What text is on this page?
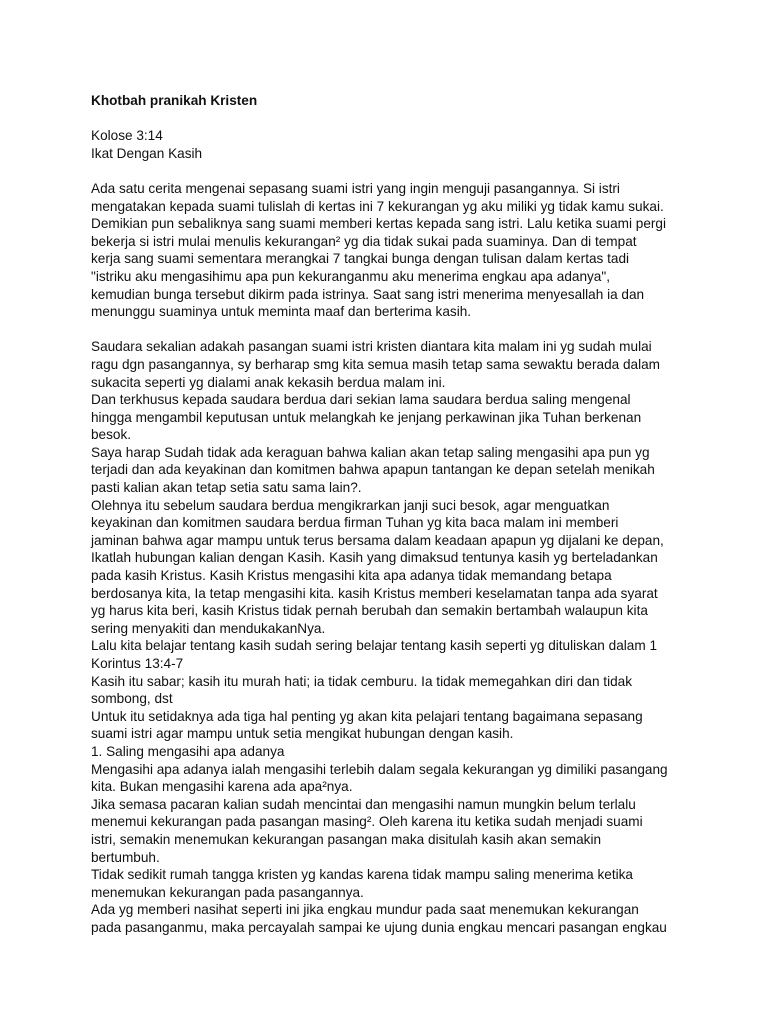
Khotbah pranikah Kristen
Kolose 3:14
Ikat Dengan Kasih
Ada satu cerita mengenai sepasang suami istri yang ingin menguji pasangannya. Si istri
mengatakan kepada suami tulislah di kertas ini 7 kekurangan yg aku miliki yg tidak kamu sukai.
Demikian pun sebaliknya sang suami memberi kertas kepada sang istri. Lalu ketika suami pergi
bekerja si istri mulai menulis kekurangan² yg dia tidak sukai pada suaminya. Dan di tempat
kerja sang suami sementara merangkai 7 tangkai bunga dengan tulisan dalam kertas tadi
"istriku aku mengasihimu apa pun kekuranganmu aku menerima engkau apa adanya",
kemudian bunga tersebut dikirm pada istrinya. Saat sang istri menerima menyesallah ia dan
menunggu suaminya untuk meminta maaf dan berterima kasih.
Saudara sekalian adakah pasangan suami istri kristen diantara kita malam ini yg sudah mulai
ragu dgn pasangannya, sy berharap smg kita semua masih tetap sama sewaktu berada dalam
sukacita seperti yg dialami anak kekasih berdua malam ini.
Dan terkhusus kepada saudara berdua dari sekian lama saudara berdua saling mengenal
hingga mengambil keputusan untuk melangkah ke jenjang perkawinan jika Tuhan berkenan
besok.
Saya harap Sudah tidak ada keraguan bahwa kalian akan tetap saling mengasihi apa pun yg
terjadi dan ada keyakinan dan komitmen bahwa apapun tantangan ke depan setelah menikah
pasti kalian akan tetap setia satu sama lain?.
Olehnya itu sebelum saudara berdua mengikrarkan janji suci besok, agar menguatkan
keyakinan dan komitmen saudara berdua firman Tuhan yg kita baca malam ini memberi
jaminan bahwa agar mampu untuk terus bersama dalam keadaan apapun yg dijalani ke depan,
Ikatlah hubungan kalian dengan Kasih. Kasih yang dimaksud tentunya kasih yg berteladankan
pada kasih Kristus. Kasih Kristus mengasihi kita apa adanya tidak memandang betapa
berdosanya kita, Ia tetap mengasihi kita. kasih Kristus memberi keselamatan tanpa ada syarat
yg harus kita beri, kasih Kristus tidak pernah berubah dan semakin bertambah walaupun kita
sering menyakiti dan mendukakanNya.
Lalu kita belajar tentang kasih sudah sering belajar tentang kasih seperti yg dituliskan dalam 1
Korintus 13:4-7
Kasih itu sabar; kasih itu murah hati; ia tidak cemburu. Ia tidak memegahkan diri dan tidak
sombong, dst
Untuk itu setidaknya ada tiga hal penting yg akan kita pelajari tentang bagaimana sepasang
suami istri agar mampu untuk setia mengikat hubungan dengan kasih.
1. Saling mengasihi apa adanya
Mengasihi apa adanya ialah mengasihi terlebih dalam segala kekurangan yg dimiliki pasangang
kita. Bukan mengasihi karena ada apa²nya.
Jika semasa pacaran kalian sudah mencintai dan mengasihi namun mungkin belum terlalu
menemui kekurangan pada pasangan masing². Oleh karena itu ketika sudah menjadi suami
istri, semakin menemukan kekurangan pasangan maka disitulah kasih akan semakin
bertumbuh.
Tidak sedikit rumah tangga kristen yg kandas karena tidak mampu saling menerima ketika
menemukan kekurangan pada pasangannya.
Ada yg memberi nasihat seperti ini jika engkau mundur pada saat menemukan kekurangan
pada pasanganmu, maka percayalah sampai ke ujung dunia engkau mencari pasangan engkau
